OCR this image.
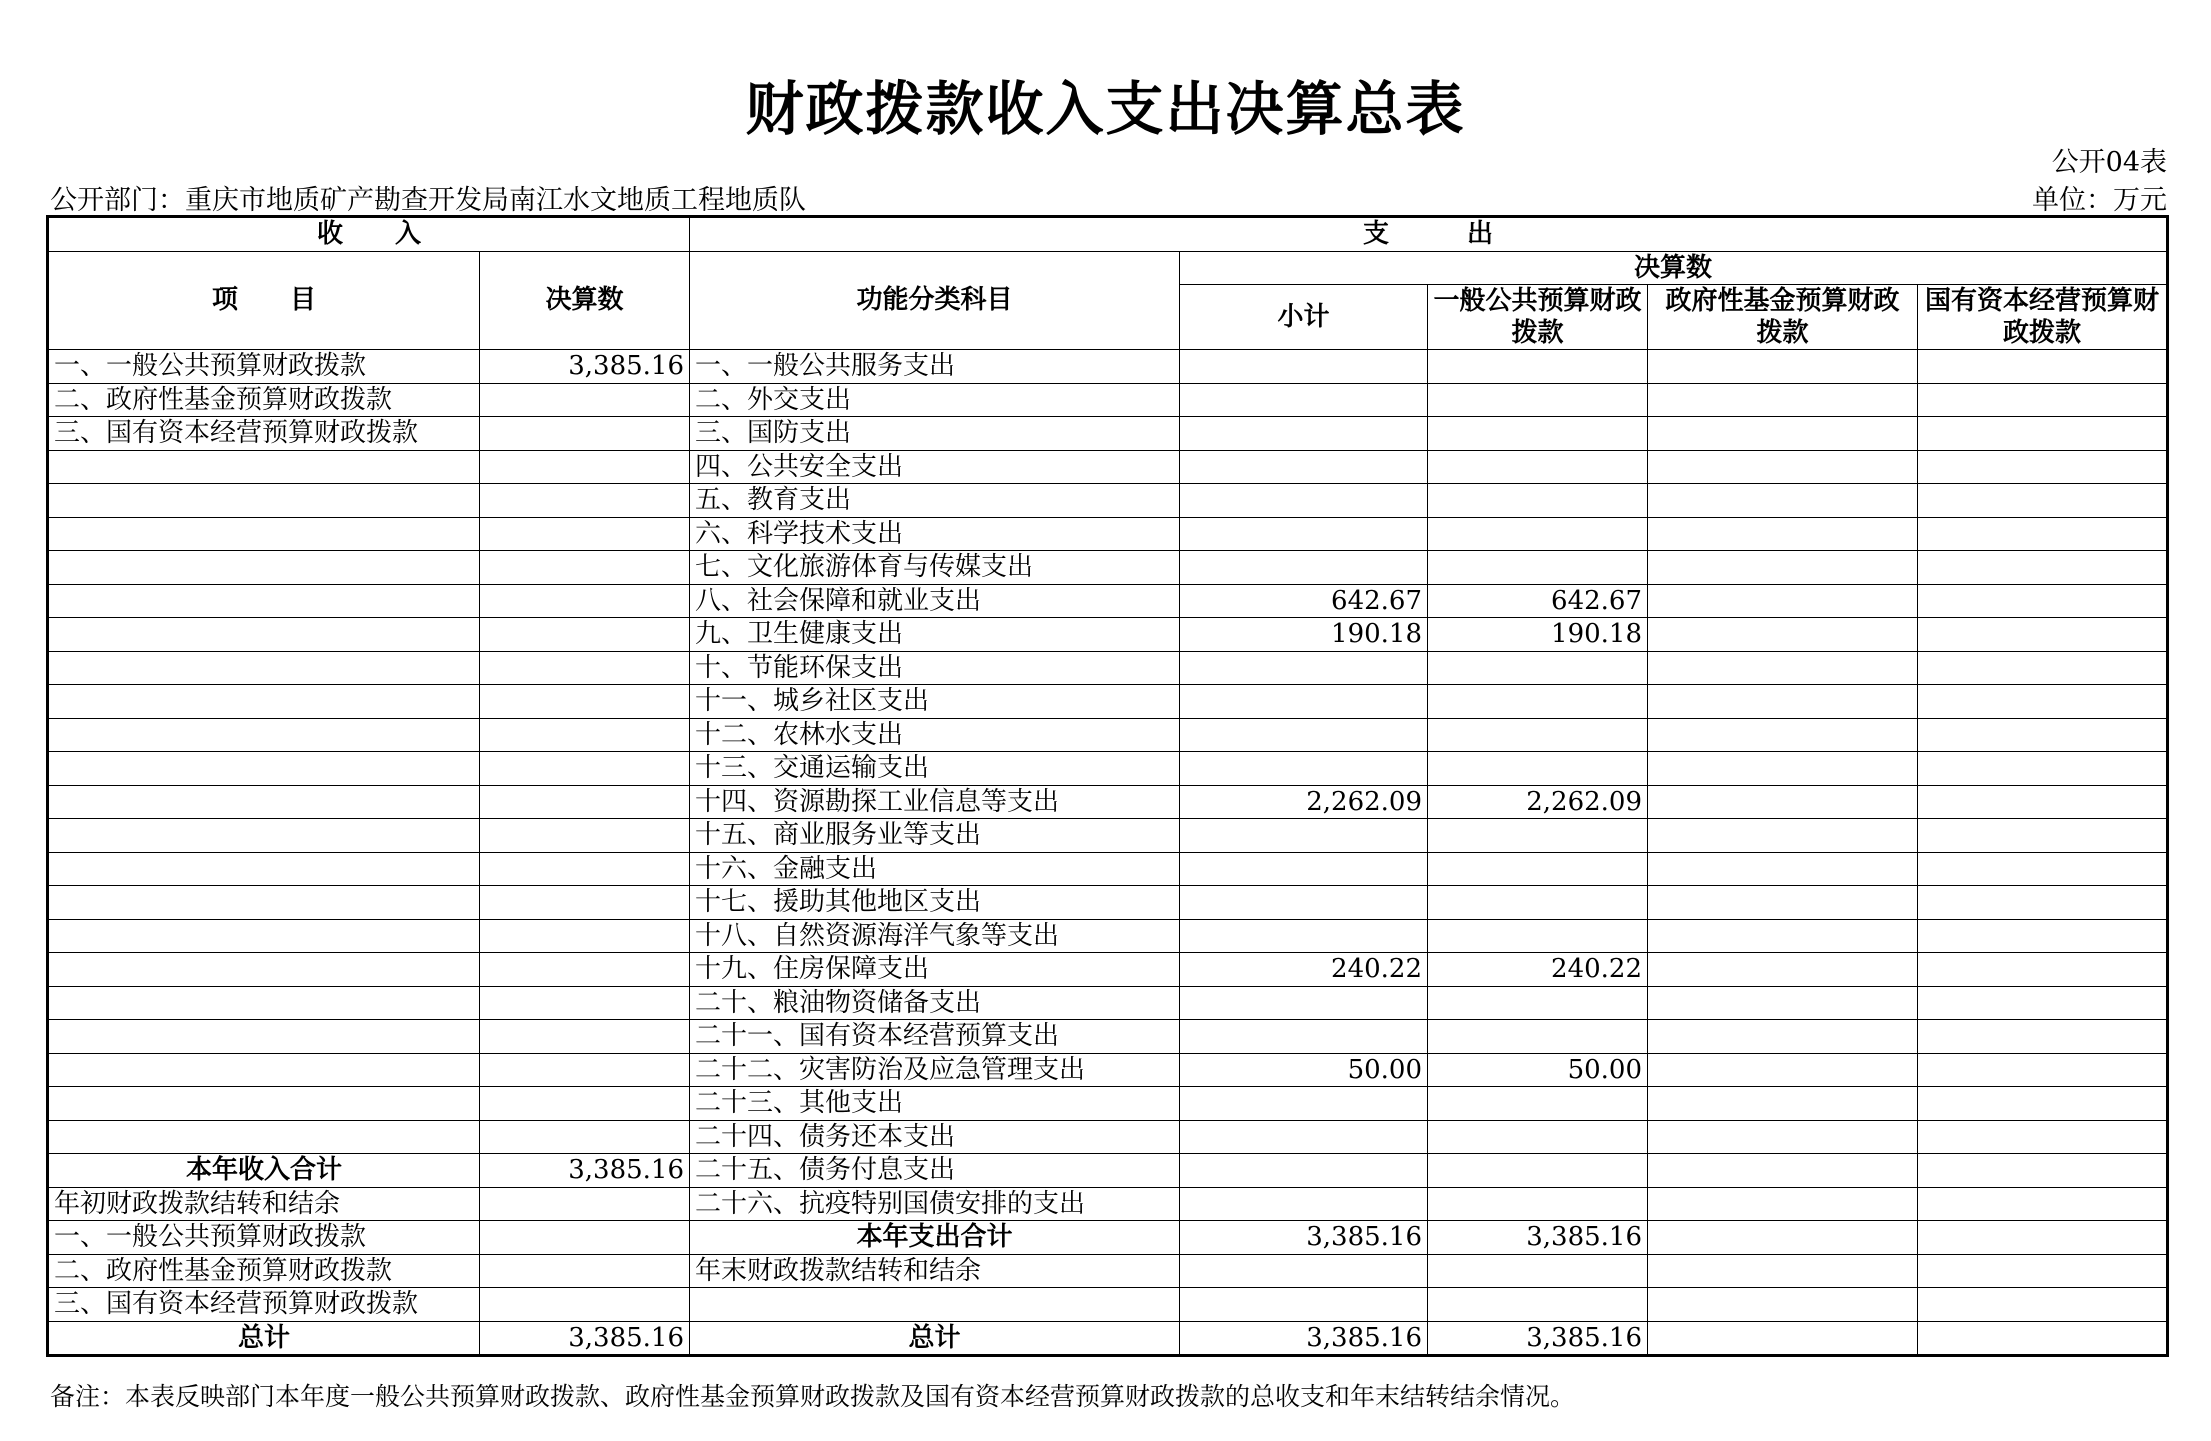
财政拨款收入支出决算总表
公开04表
公开部门：重庆市地质矿产勘查开发局南江水文地质工程地质队	单位：万元
收　　入		支　　　出				
项　　目	决算数	功能分类科目	决算数			
			小计	一般公共预算财政拨款	政府性基金预算财政拨款	国有资本经营预算财政拨款

一、一般公共预算财政拨款	3,385.16	一、一般公共服务支出				
二、政府性基金预算财政拨款		二、外交支出				
三、国有资本经营预算财政拨款		三、国防支出				
		四、公共安全支出				
		五、教育支出				
		六、科学技术支出				
		七、文化旅游体育与传媒支出				
		八、社会保障和就业支出	642.67	642.67		
		九、卫生健康支出	190.18	190.18		
		十、节能环保支出				
		十一、城乡社区支出				
		十二、农林水支出				
		十三、交通运输支出				
		十四、资源勘探工业信息等支出	2,262.09	2,262.09		
		十五、商业服务业等支出				
		十六、金融支出				
		十七、援助其他地区支出				
		十八、自然资源海洋气象等支出				
		十九、住房保障支出	240.22	240.22		
		二十、粮油物资储备支出				
		二十一、国有资本经营预算支出				
		二十二、灾害防治及应急管理支出	50.00	50.00		
		二十三、其他支出				
		二十四、债务还本支出				
本年收入合计	3,385.16	二十五、债务付息支出				
年初财政拨款结转和结余		二十六、抗疫特别国债安排的支出				
一、一般公共预算财政拨款		本年支出合计	3,385.16	3,385.16		
二、政府性基金预算财政拨款		年末财政拨款结转和结余				
三、国有资本经营预算财政拨款						
总计	3,385.16	总计	3,385.16	3,385.16		
备注：本表反映部门本年度一般公共预算财政拨款、政府性基金预算财政拨款及国有资本经营预算财政拨款的总收支和年末结转结余情况。
